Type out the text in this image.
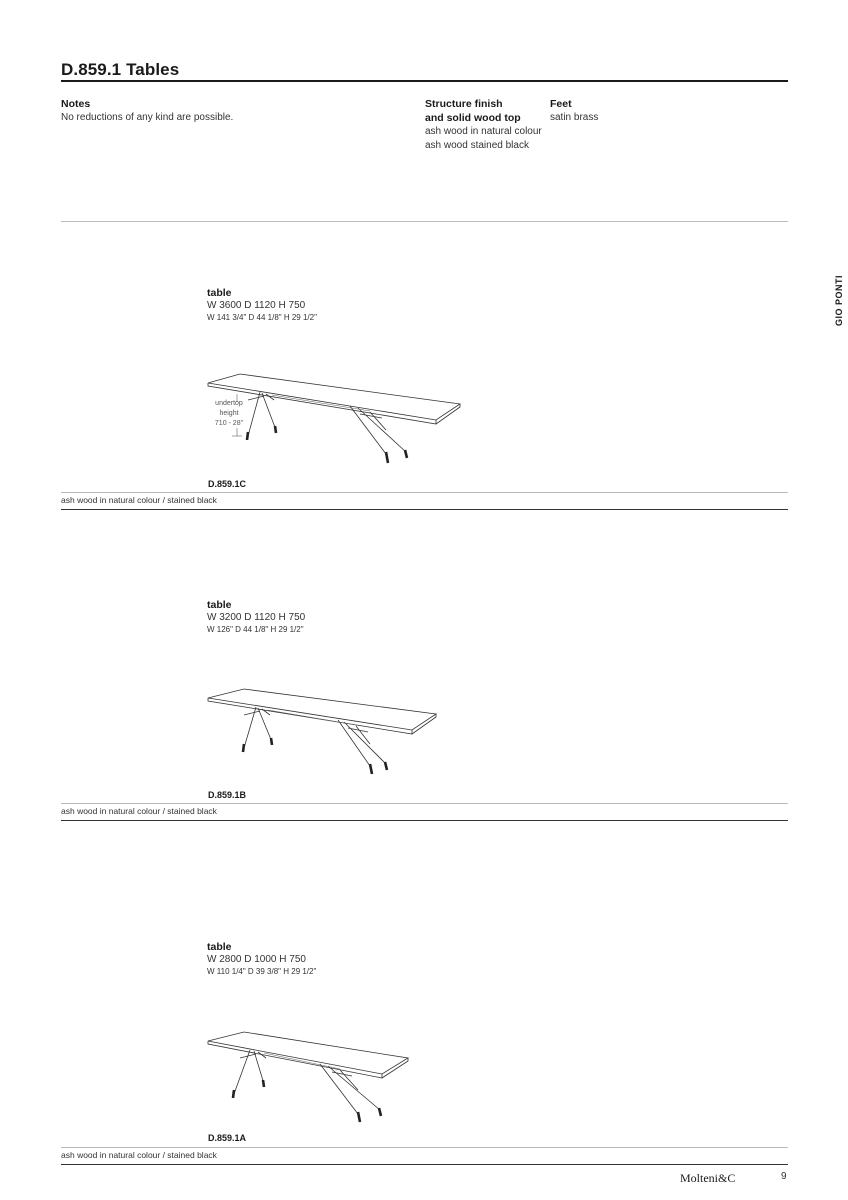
D.859.1 Tables
Notes
No reductions of any kind are possible.
Structure finish
and solid wood top
ash wood in natural colour
ash wood stained black
Feet
satin brass
GIO PONTI
table
W 3600 D 1120 H 750
W 141 3/4" D 44 1/8" H 29 1/2"
undertop
height
710 - 28"
D.859.1C
ash wood in natural colour / stained black
table
W 3200 D 1120 H 750
W 126" D 44 1/8" H 29 1/2"
D.859.1B
ash wood in natural colour / stained black
table
W 2800 D 1000 H 750
W 110 1/4" D 39 3/8" H 29 1/2"
D.859.1A
ash wood in natural colour / stained black
Molteni&C	9
